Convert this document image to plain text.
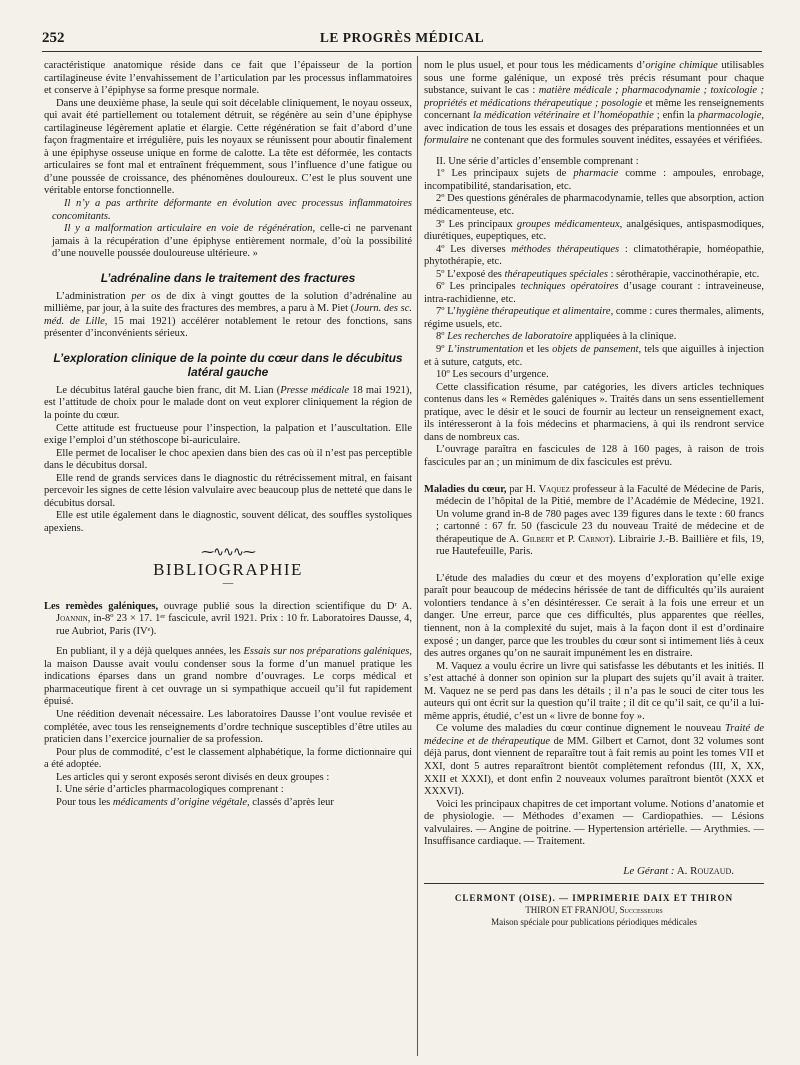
252	LE PROGRÈS MÉDICAL

caractéristique anatomique réside dans ce fait que l’épaisseur de la portion cartilagineuse évite l’envahissement de l’articulation par les processus inflammatoires et conserve à l’épiphyse sa forme presque normale.

Dans une deuxième phase, la seule qui soit décelable cliniquement, le noyau osseux, qui avait été partiellement ou totalement détruit, se régénère au sein d’une épiphyse cartilagineuse légèrement aplatie et élargie. Cette régénération se fait d’abord d’une façon fragmentaire et irrégulière, puis les noyaux se réunissent pour aboutir finalement à une épiphyse osseuse unique en forme de calotte. La tête est déformée, les contacts articulaires se font mal et entraînent fréquemment, sous l’influence d’une fatigue ou d’une poussée de croissance, des phénomènes douloureux. C’est le plus souvent une véritable entorse fonctionnelle.

Il n’y a pas arthrite déformante en évolution avec processus inflammatoires concomitants.

Il y a malformation articulaire en voie de régénération, celle-ci ne parvenant jamais à la récupération d’une épiphyse entièrement normale, d’où la possibilité d’une nouvelle poussée douloureuse ultérieure. »

L’adrénaline dans le traitement des fractures

L’administration per os de dix à vingt gouttes de la solution d’adrénaline au millième, par jour, à la suite des fractures des membres, a paru à M. Piet (Journ. des sc. méd. de Lille, 15 mai 1921) accélérer notablement le retour des fonctions, sans présenter d’inconvénients sérieux.

L’exploration clinique de la pointe du cœur dans le décubitus latéral gauche

Le décubitus latéral gauche bien franc, dit M. Lian (Presse médicale 18 mai 1921), est l’attitude de choix pour le malade dont on veut explorer cliniquement la région de la pointe du cœur.

Cette attitude est fructueuse pour l’inspection, la palpation et l’auscultation. Elle exige l’emploi d’un stéthoscope bi-auriculaire.

Elle permet de localiser le choc apexien dans bien des cas où il n’est pas perceptible dans le décubitus dorsal.

Elle rend de grands services dans le diagnostic du rétrécissement mitral, en faisant percevoir les signes de cette lésion valvulaire avec beaucoup plus de netteté que dans le décubitus dorsal.

Elle est utile également dans le diagnostic, souvent délicat, des souffles systoliques apexiens.

⁓∿∿∿⁓
BIBLIOGRAPHIE
—

Les remèdes galéniques, ouvrage publié sous la direction scientifique du Dʳ A. Joannin, in-8º 23 × 17. 1ᵉʳ fascicule, avril 1921. Prix : 10 fr. Laboratoires Dausse, 4, rue Aubriot, Paris (IVᵉ).

En publiant, il y a déjà quelques années, les Essais sur nos préparations galéniques, la maison Dausse avait voulu condenser sous la forme d’un manuel pratique les indications éparses dans un grand nombre d’ouvrages. Le corps médical et pharmaceutique firent à cet ouvrage un si sympathique accueil qu’il fut rapidement épuisé.

Une réédition devenait nécessaire. Les laboratoires Dausse l’ont voulue revisée et complétée, avec tous les renseignements d’ordre technique susceptibles d’être utiles au praticien dans l’exercice journalier de sa profession.

Pour plus de commodité, c’est le classement alphabétique, la forme dictionnaire qui a été adoptée.

Les articles qui y seront exposés seront divisés en deux groupes :

I. Une série d’articles pharmacologiques comprenant :

Pour tous les médicaments d’origine végétale, classés d’après leur

nom le plus usuel, et pour tous les médicaments d’origine chimique utilisables sous une forme galénique, un exposé très précis résumant pour chaque substance, suivant le cas : matière médicale ; pharmacodynamie ; toxicologie ; propriétés et médications thérapeutique ; posologie et même les renseignements concernant la médication vétérinaire et l’homéopathie ; enfin la pharmacologie, avec indication de tous les essais et dosages des préparations mentionnées et un formulaire ne contenant que des formules souvent inédites, essayées et vérifiées.

II. Une série d’articles d’ensemble comprenant :

1º Les principaux sujets de pharmacie comme : ampoules, enrobage, incompatibilité, standarisation, etc.

2º Des questions générales de pharmacodynamie, telles que absorption, action médicamenteuse, etc.

3º Les principaux groupes médicamenteux, analgésiques, antispasmodiques, diurétiques, eupeptiques, etc.

4º Les diverses méthodes thérapeutiques : climatothérapie, homéopathie, phytothérapie, etc.

5º L’exposé des thérapeutiques spéciales : sérothérapie, vaccinothérapie, etc.

6º Les principales techniques opératoires d’usage courant : intraveineuse, intra-rachidienne, etc.

7º L’hygiène thérapeutique et alimentaire, comme : cures thermales, aliments, régime usuels, etc.

8º Les recherches de laboratoire appliquées à la clinique.

9º L’instrumentation et les objets de pansement, tels que aiguilles à injection et à suture, catguts, etc.

10º Les secours d’urgence.

Cette classification résume, par catégories, les divers articles techniques contenus dans les « Remèdes galéniques ». Traités dans un sens essentiellement pratique, avec le désir et le souci de fournir au lecteur un renseignement exact, ils intéresseront à la fois médecins et pharmaciens, à qui ils rendront service dans de nombreux cas.

L’ouvrage paraîtra en fascicules de 128 à 160 pages, à raison de trois fascicules par an ; un minimum de dix fascicules est prévu.

Maladies du cœur, par H. Vaquez professeur à la Faculté de Médecine de Paris, médecin de l’hôpital de la Pitié, membre de l’Académie de Médecine, 1921. Un volume grand in-8 de 780 pages avec 139 figures dans le texte : 60 francs ; cartonné : 67 fr. 50 (fascicule 23 du nouveau Traité de médecine et de thérapeutique de A. Gilbert et P. Carnot). Librairie J.-B. Baillière et fils, 19, rue Hautefeuille, Paris.

L’étude des maladies du cœur et des moyens d’exploration qu’elle exige paraît pour beaucoup de médecins hérissée de tant de difficultés qu’ils auraient volontiers tendance à s’en désintéresser. Ce serait à la fois une erreur et un danger. Une erreur, parce que ces difficultés, plus apparentes que réelles, tiennent, non à la complexité du sujet, mais à la façon dont il est d’ordinaire exposé ; un danger, parce que les troubles du cœur sont si intimement liés à ceux des autres organes qu’on ne saurait impunément les en distraire.

M. Vaquez a voulu écrire un livre qui satisfasse les débutants et les initiés. Il s’est attaché à donner son opinion sur la plupart des sujets qu’il avait à traiter. M. Vaquez ne se perd pas dans les détails ; il n’a pas le souci de citer tous les auteurs qui ont écrit sur la question qu’il traite ; il dit ce qu’il sait, ce qu’il a lui-même appris, étudié, c’est un « livre de bonne foy ».

Ce volume des maladies du cœur continue dignement le nouveau Traité de médecine et de thérapeutique de MM. Gilbert et Carnot, dont 32 volumes sont déjà parus, dont viennent de reparaître tout à fait remis au point les tomes VII et XXI, dont 5 autres reparaîtront bientôt complètement refondus (III, X, XX, XXII et XXXI), et dont enfin 2 nouveaux volumes paraîtront bientôt (XXX et XXXVI).

Voici les principaux chapitres de cet important volume. Notions d’anatomie et de physiologie. — Méthodes d’examen — Cardiopathies. — Lésions valvulaires. — Angine de poitrine. — Hypertension artérielle. — Arythmies. — Insuffisance cardiaque. — Traitement.

Le Gérant : A. Rouzaud.
CLERMONT (OISE). — IMPRIMERIE DAIX ET THIRON
THIRON ET FRANJOU, Successeurs
Maison spéciale pour publications périodiques médicales
